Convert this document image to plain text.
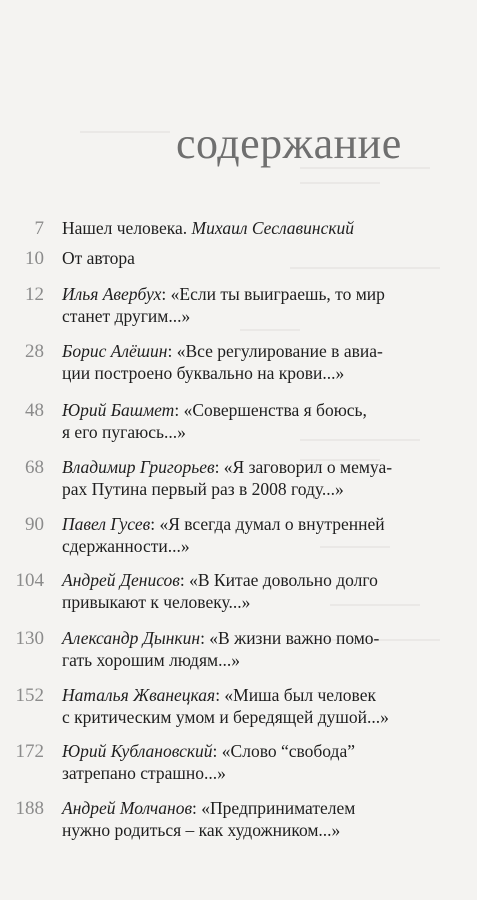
содержание
7 Нашел человека. Михаил Сеславинский
10 От автора
12 Илья Авербух: «Если ты выиграешь, то мир
станет другим...»
28 Борис Алёшин: «Все регулирование в авиа-
ции построено буквально на крови...»
48 Юрий Башмет: «Совершенства я боюсь,
я его пугаюсь...»
68 Владимир Григорьев: «Я заговорил о мемуа-
рах Путина первый раз в 2008 году...»
90 Павел Гусев: «Я всегда думал о внутренней
сдержанности...»
104 Андрей Денисов: «В Китае довольно долго
привыкают к человеку...»
130 Александр Дынкин: «В жизни важно помо-
гать хорошим людям...»
152 Наталья Жванецкая: «Миша был человек
с критическим умом и бередящей душой...»
172 Юрий Кублановский: «Слово “свобода”
затрепано страшно...»
188 Андрей Молчанов: «Предпринимателем
нужно родиться – как художником...»
